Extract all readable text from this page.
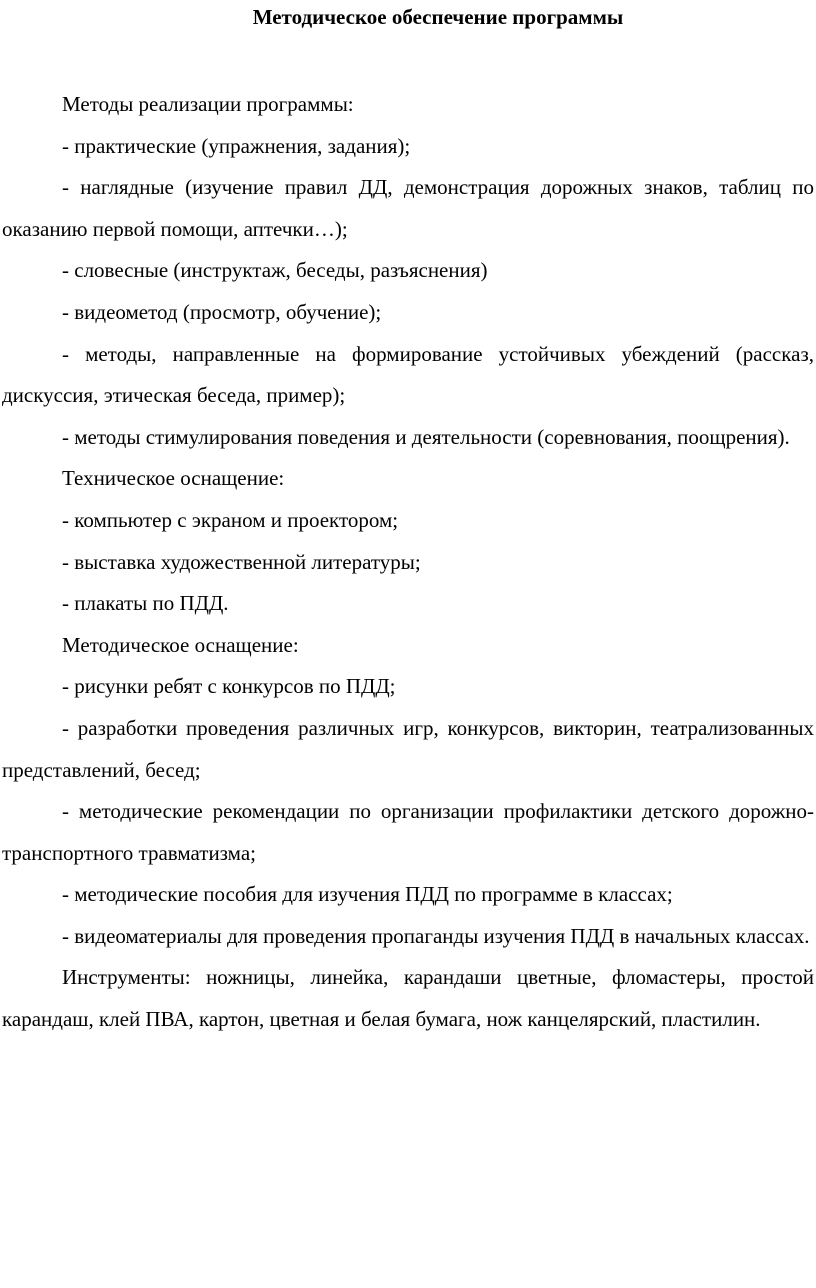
Методическое обеспечение программы

Методы реализации программы:

- практические (упражнения, задания);

- наглядные (изучение правил ДД, демонстрация дорожных знаков, таблиц по оказанию первой помощи, аптечки…);

- словесные (инструктаж, беседы, разъяснения)

- видеометод (просмотр, обучение);

- методы, направленные на формирование устойчивых убеждений (рассказ, дискуссия, этическая беседа, пример);

- методы стимулирования поведения и деятельности (соревнования, поощрения).

Техническое оснащение:

- компьютер с экраном и проектором;

- выставка художественной литературы;

- плакаты по ПДД.

Методическое оснащение:

- рисунки ребят с конкурсов по ПДД;

- разработки проведения различных игр, конкурсов, викторин, театрализованных представлений, бесед;

- методические рекомендации по организации профилактики детского дорожно-транспортного травматизма;

- методические пособия для изучения ПДД по программе в классах;

- видеоматериалы для проведения пропаганды изучения ПДД в начальных классах.

Инструменты: ножницы, линейка, карандаши цветные, фломастеры, простой карандаш, клей ПВА, картон, цветная и белая бумага, нож канцелярский, пластилин.
